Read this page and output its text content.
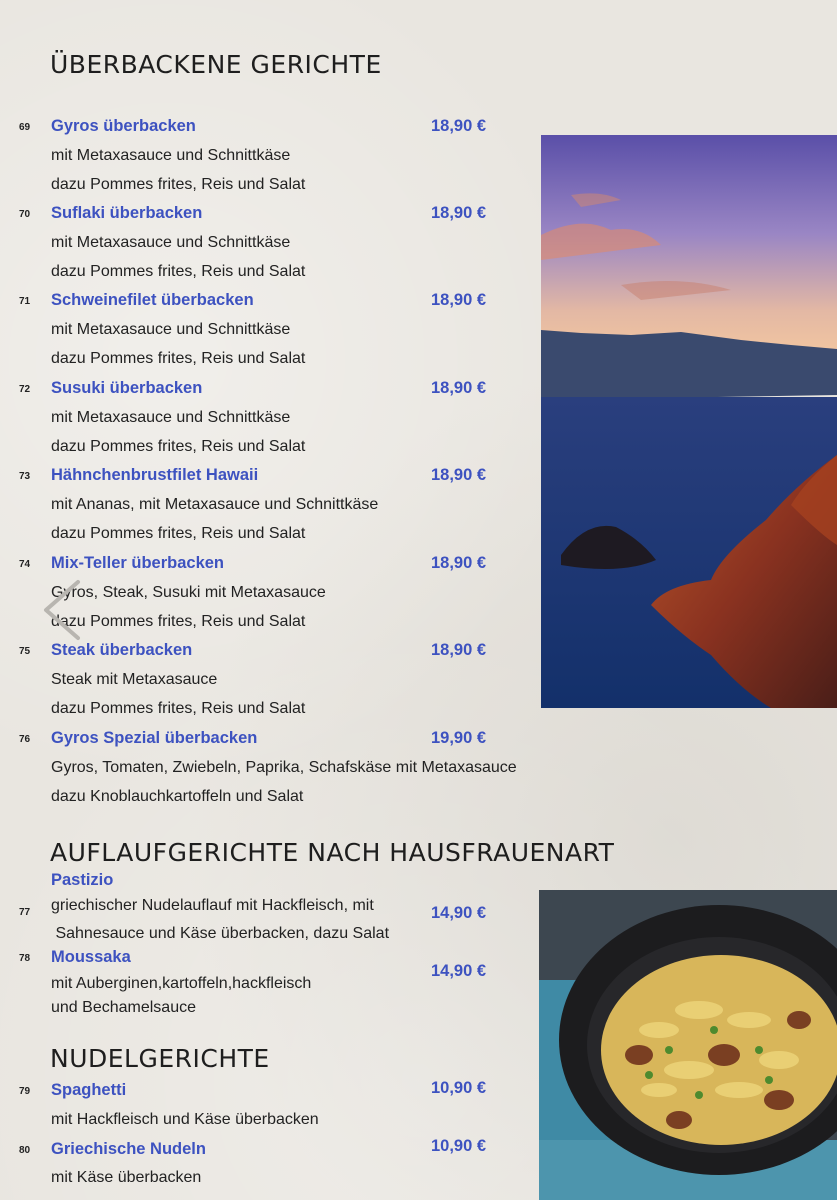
ÜBERBACKENE GERICHTE
AUFLAUFGERICHTE NACH HAUSFRAUENART
NUDELGERICHTE
69 Gyros überbacken	18,90 €
mit Metaxasauce und Schnittkäse
dazu Pommes frites, Reis und Salat
70 Suflaki überbacken	18,90 €
mit Metaxasauce und Schnittkäse
dazu Pommes frites, Reis und Salat
71 Schweinefilet überbacken	18,90 €
mit Metaxasauce und Schnittkäse
dazu Pommes frites, Reis und Salat
72 Susuki überbacken	18,90 €
mit Metaxasauce und Schnittkäse
dazu Pommes frites, Reis und Salat
73 Hähnchenbrustfilet Hawaii	18,90 €
mit Ananas, mit Metaxasauce und Schnittkäse
dazu Pommes frites, Reis und Salat
74 Mix-Teller überbacken	18,90 €
Gyros, Steak, Susuki mit Metaxasauce
dazu Pommes frites, Reis und Salat
75 Steak überbacken	18,90 €
Steak mit Metaxasauce
dazu Pommes frites, Reis und Salat
76 Gyros Spezial überbacken	19,90 €
Gyros, Tomaten, Zwiebeln, Paprika, Schafskäse mit Metaxasauce
dazu Knoblauchkartoffeln und Salat
Pastizio
77 griechischer Nudelauflauf mit Hackfleisch, mit	14,90 €
Sahnesauce und Käse überbacken, dazu Salat
78 Moussaka
14,90 €
mit Auberginen,kartoffeln,hackfleisch
und Bechamelsauce
79 Spaghetti	10,90 €
mit Hackfleisch und Käse überbacken
80 Griechische Nudeln	10,90 €
mit Käse überbacken
